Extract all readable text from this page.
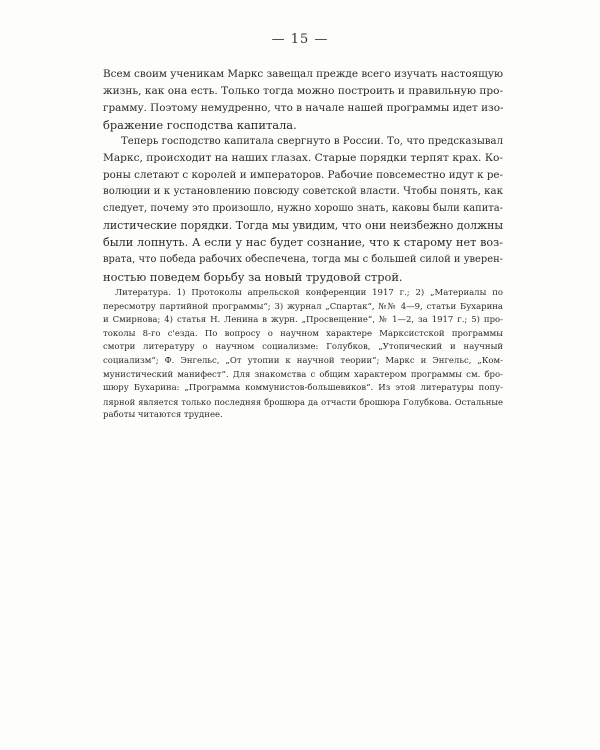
— 15 —
Всем своим ученикам Маркс завещал прежде всего изучать настоящую
жизнь, как она есть. Только тогда можно построить и правильную про-
грамму. Поэтому немудренно, что в начале нашей программы идет изо-
бражение господства капитала.
Теперь господство капитала свергнуто в России. То, что предсказывал
Маркс, происходит на наших глазах. Старые порядки терпят крах. Ко-
роны слетают с королей и императоров. Рабочие повсеместно идут к ре-
волюции и к установлению повсюду советской власти. Чтобы понять, как
следует, почему это произошло, нужно хорошо знать, каковы были капита-
листические порядки. Тогда мы увидим, что они неизбежно должны
были лопнуть. А если у нас будет сознание, что к старому нет воз-
врата, что победа рабочих обеспечена, тогда мы с большей силой и уверен-
ностью поведем борьбу за новый трудовой строй.
Литература. 1) Протоколы апрельской конференции 1917 г.; 2) „Материалы по
пересмотру партийной программы“; 3) журнал „Спартак“, №№ 4—9, статьи Бухарина
и Смирнова; 4) статья Н. Ленина в журн. „Просвещение“, № 1—2, за 1917 г.; 5) про-
токолы 8-го с'езда. По вопросу о научном характере Марксистской программы
смотри литературу о научном социализме: Голубков, „Утопический и научный
социализм“; Ф. Энгельс, „От утопии к научной теории“; Маркс и Энгельс, „Ком-
мунистический манифест“. Для знакомства с общим характером программы см. бро-
шюру Бухарина: „Программа коммунистов-большевиков“. Из этой литературы попу-
лярной является только последняя брошюра да отчасти брошюра Голубкова. Остальные
работы читаются труднее.
